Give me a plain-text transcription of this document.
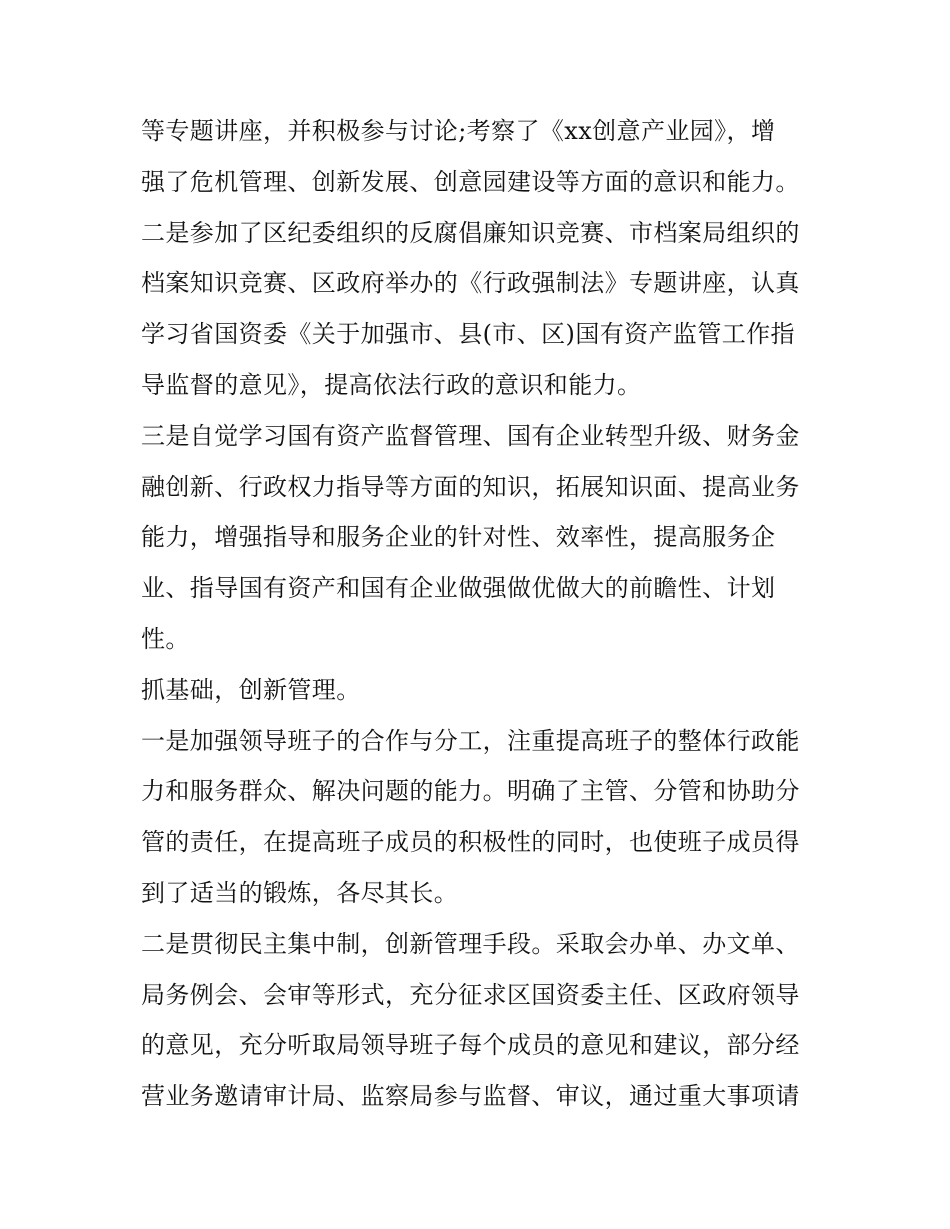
等专题讲座，并积极参与讨论;考察了《xx创意产业园》，增
强了危机管理、创新发展、创意园建设等方面的意识和能力。
二是参加了区纪委组织的反腐倡廉知识竞赛、市档案局组织的
档案知识竞赛、区政府举办的《行政强制法》专题讲座，认真
学习省国资委《关于加强市、县(市、区)国有资产监管工作指
导监督的意见》，提高依法行政的意识和能力。
三是自觉学习国有资产监督管理、国有企业转型升级、财务金
融创新、行政权力指导等方面的知识，拓展知识面、提高业务
能力，增强指导和服务企业的针对性、效率性，提高服务企
业、指导国有资产和国有企业做强做优做大的前瞻性、计划
性。
抓基础，创新管理。
一是加强领导班子的合作与分工，注重提高班子的整体行政能
力和服务群众、解决问题的能力。明确了主管、分管和协助分
管的责任，在提高班子成员的积极性的同时，也使班子成员得
到了适当的锻炼，各尽其长。
二是贯彻民主集中制，创新管理手段。采取会办单、办文单、
局务例会、会审等形式，充分征求区国资委主任、区政府领导
的意见，充分听取局领导班子每个成员的意见和建议，部分经
营业务邀请审计局、监察局参与监督、审议，通过重大事项请
